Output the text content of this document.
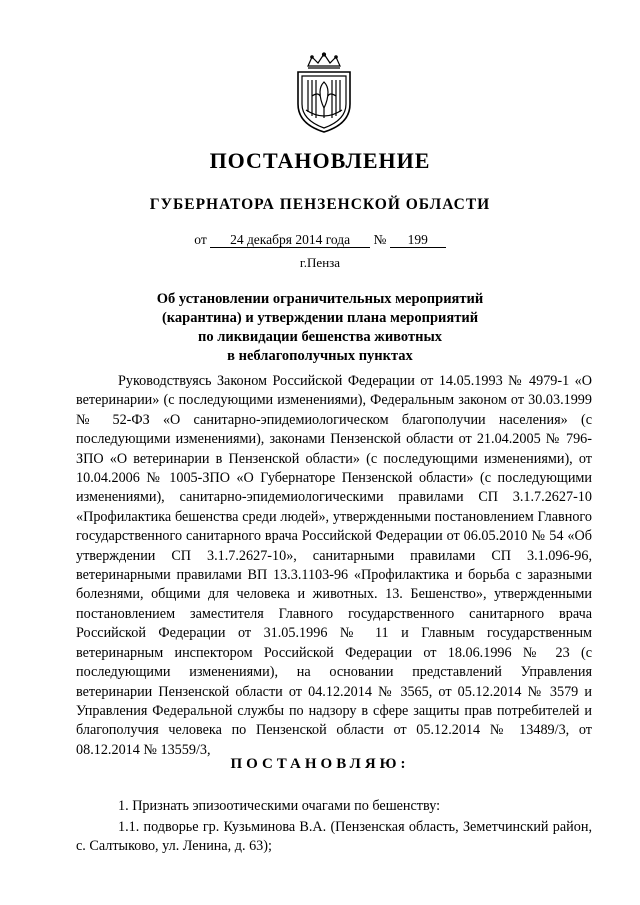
ПОСТАНОВЛЕНИЕ
ГУБЕРНАТОРА ПЕНЗЕНСКОЙ ОБЛАСТИ
от 24 декабря 2014 года № 199
г.Пенза
Об установлении ограничительных мероприятий
(карантина) и утверждении плана мероприятий
по ликвидации бешенства животных
в неблагополучных пунктах

Руководствуясь Законом Российской Федерации от 14.05.1993 № 4979-1 «О ветеринарии» (с последующими изменениями), Федеральным законом от 30.03.1999 № 52-ФЗ «О санитарно-эпидемиологическом благополучии населения» (с последующими изменениями), законами Пензенской области от 21.04.2005 № 796-ЗПО «О ветеринарии в Пензенской области» (с последующими изменениями), от 10.04.2006 № 1005-ЗПО «О Губернаторе Пензенской области» (с последующими изменениями), санитарно-эпидемиологическими правилами СП 3.1.7.2627-10 «Профилактика бешенства среди людей», утвержденными постановлением Главного государственного санитарного врача Российской Федерации от 06.05.2010 № 54 «Об утверждении СП 3.1.7.2627-10», санитарными правилами СП 3.1.096-96, ветеринарными правилами ВП 13.3.1103-96 «Профилактика и борьба с заразными болезнями, общими для человека и животных. 13. Бешенство», утвержденными постановлением заместителя Главного государственного санитарного врача Российской Федерации от 31.05.1996 № 11 и Главным государственным ветеринарным инспектором Российской Федерации от 18.06.1996 № 23 (с последующими изменениями), на основании представлений Управления ветеринарии Пензенской области от 04.12.2014 № 3565, от 05.12.2014 № 3579 и Управления Федеральной службы по надзору в сфере защиты прав потребителей и благополучия человека по Пензенской области от 05.12.2014 № 13489/3, от 08.12.2014 № 13559/3,

ПОСТАНОВЛЯЮ:
1. Признать эпизоотическими очагами по бешенству:

1.1. подворье гр. Кузьминова В.А. (Пензенская область, Земетчинский район, с. Салтыково, ул. Ленина, д. 63);
